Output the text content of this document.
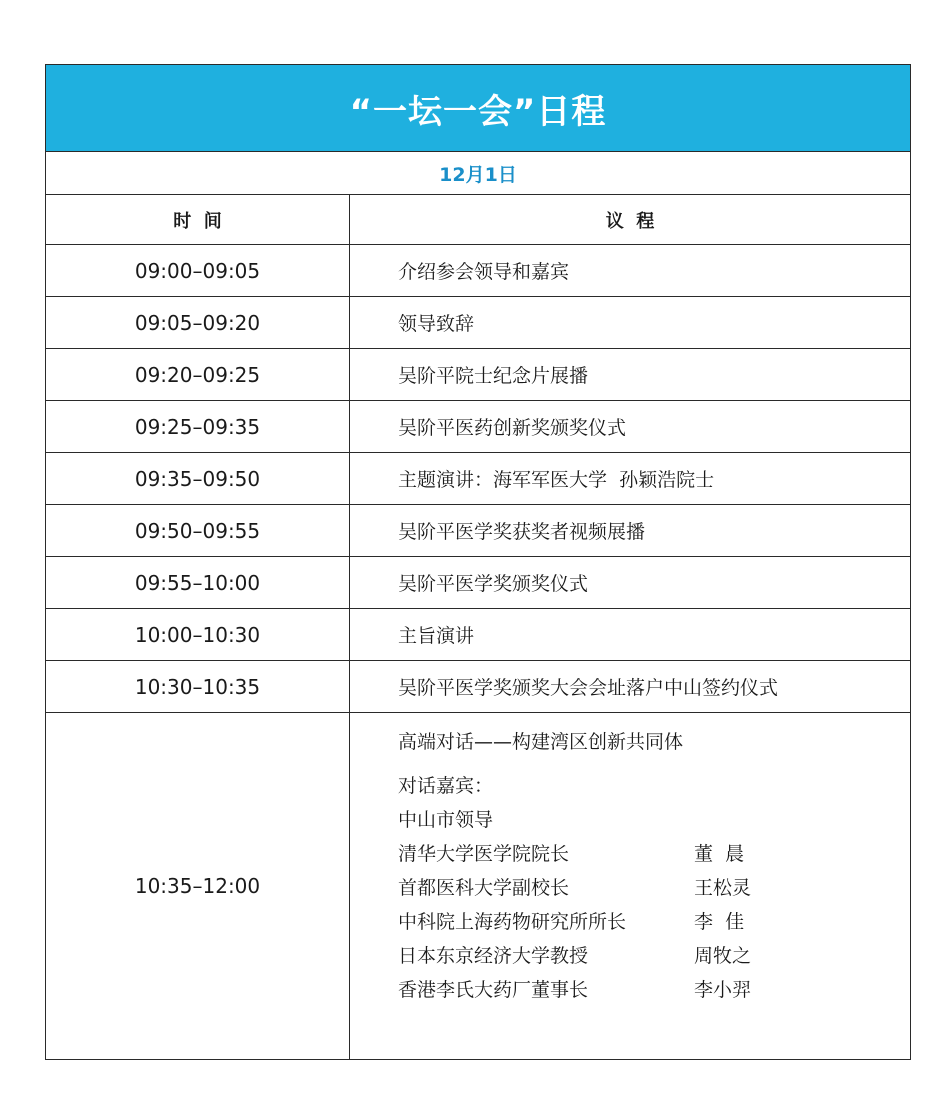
“一坛一会”日程
12月1日
时  间	议  程
09:00–09:05	介绍参会领导和嘉宾
09:05–09:20	领导致辞
09:20–09:25	吴阶平院士纪念片展播
09:25–09:35	吴阶平医药创新奖颁奖仪式
09:35–09:50	主题演讲：海军军医大学  孙颖浩院士
09:50–09:55	吴阶平医学奖获奖者视频展播
09:55–10:00	吴阶平医学奖颁奖仪式
10:00–10:30	主旨演讲
10:30–10:35	吴阶平医学奖颁奖大会会址落户中山签约仪式
10:35–12:00
高端对话——构建湾区创新共同体
对话嘉宾：
中山市领导
清华大学医学院院长	董  晨
首都医科大学副校长	王松灵
中科院上海药物研究所所长	李  佳
日本东京经济大学教授	周牧之
香港李氏大药厂董事长	李小羿
